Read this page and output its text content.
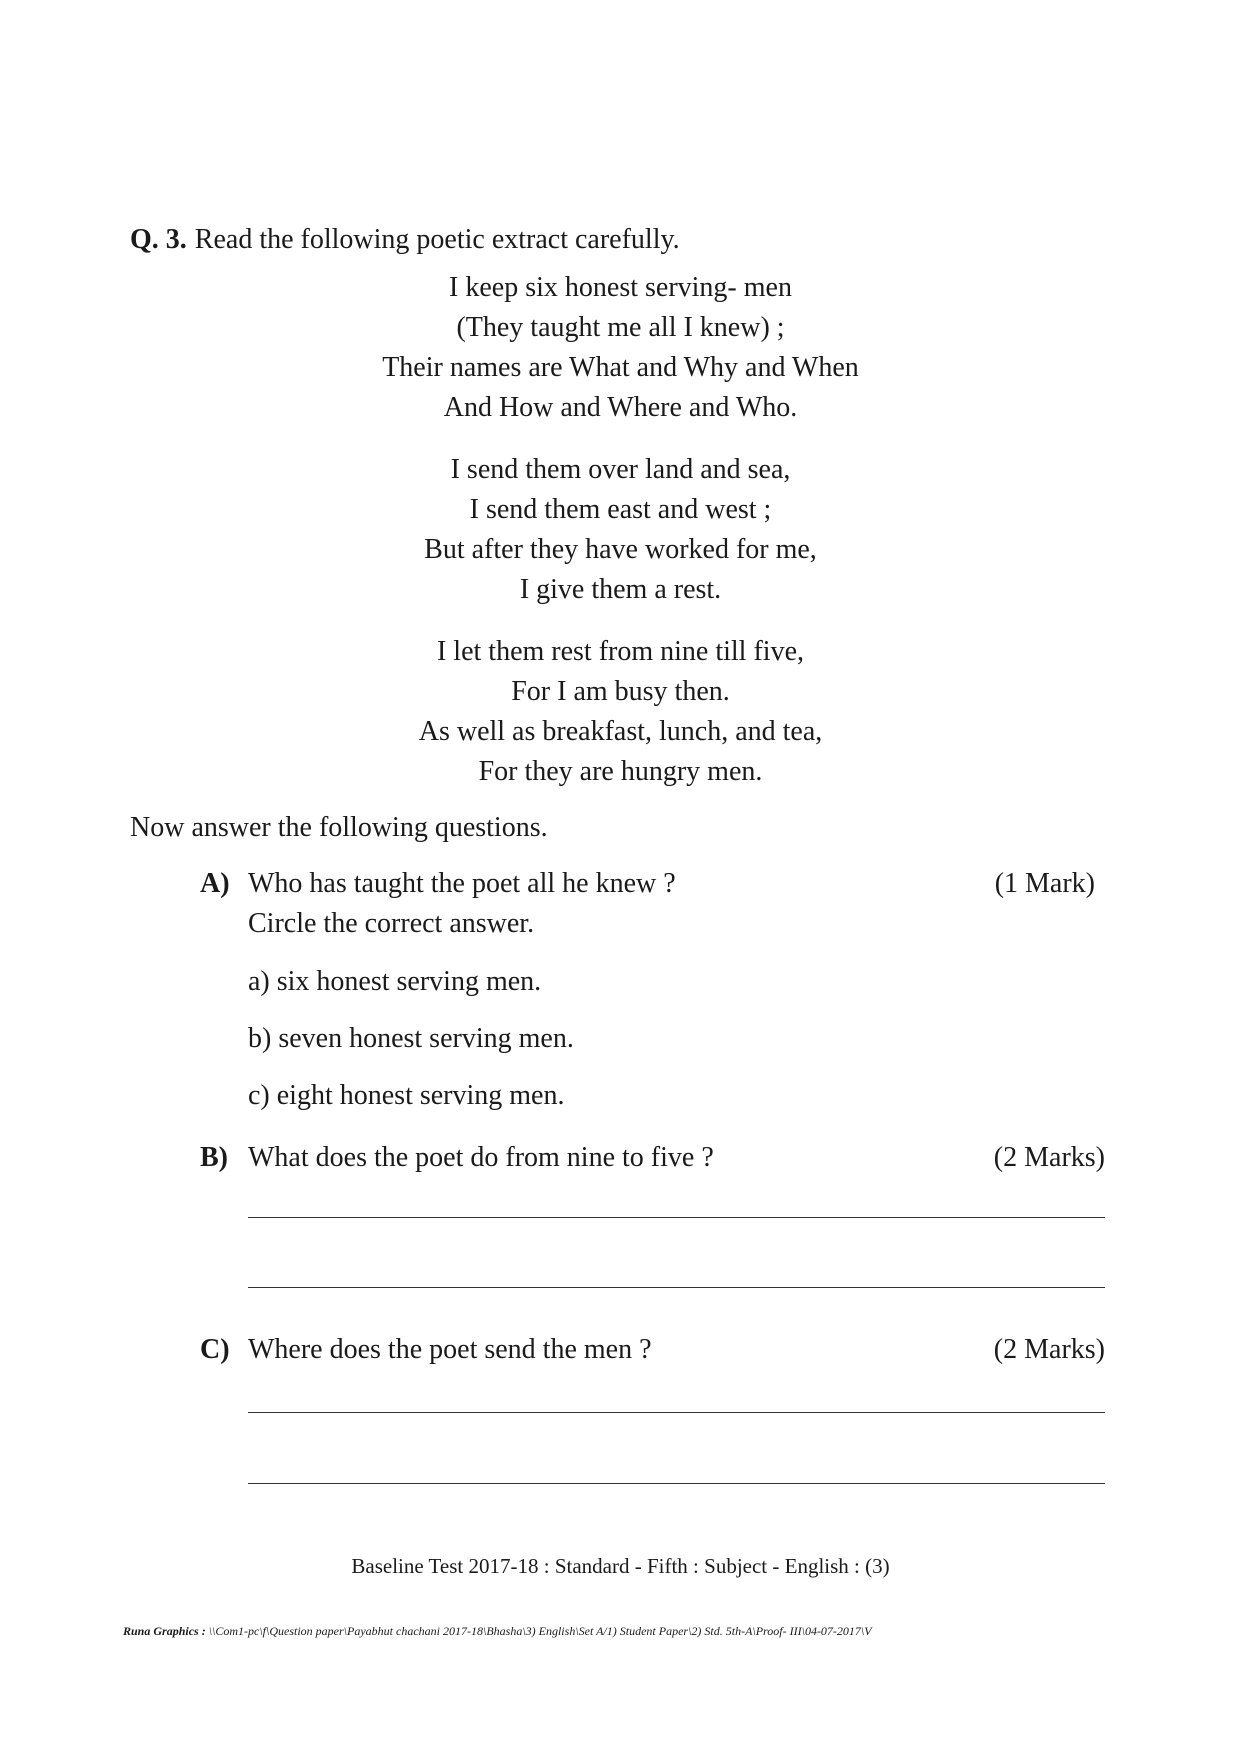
Q. 3. Read the following poetic extract carefully.
I keep six honest serving- men
(They taught me all I knew) ;
Their names are What and Why and When
And How and Where and Who.
I send them over land and sea,
I send them east and west ;
But after they have worked for me,
I give them a rest.
I let them rest from nine till five,
For I am busy then.
As well as breakfast, lunch, and tea,
For they are hungry men.
Now answer the following questions.
A) Who has taught the poet all he knew ?	(1 Mark)
Circle the correct answer.
a) six honest serving men.
b) seven honest serving men.
c) eight honest serving men.
B) What does the poet do from nine to five ?	(2 Marks)
C) Where does the poet send the men ?	(2 Marks)
Baseline Test 2017-18 : Standard - Fifth : Subject - English : (3)
Runa Graphics : \\Com1-pc\f\Question paper\Payabhut chachani 2017-18\Bhasha\3) English\Set A/1) Student Paper\2) Std. 5th-A\Proof- III\04-07-2017\V
